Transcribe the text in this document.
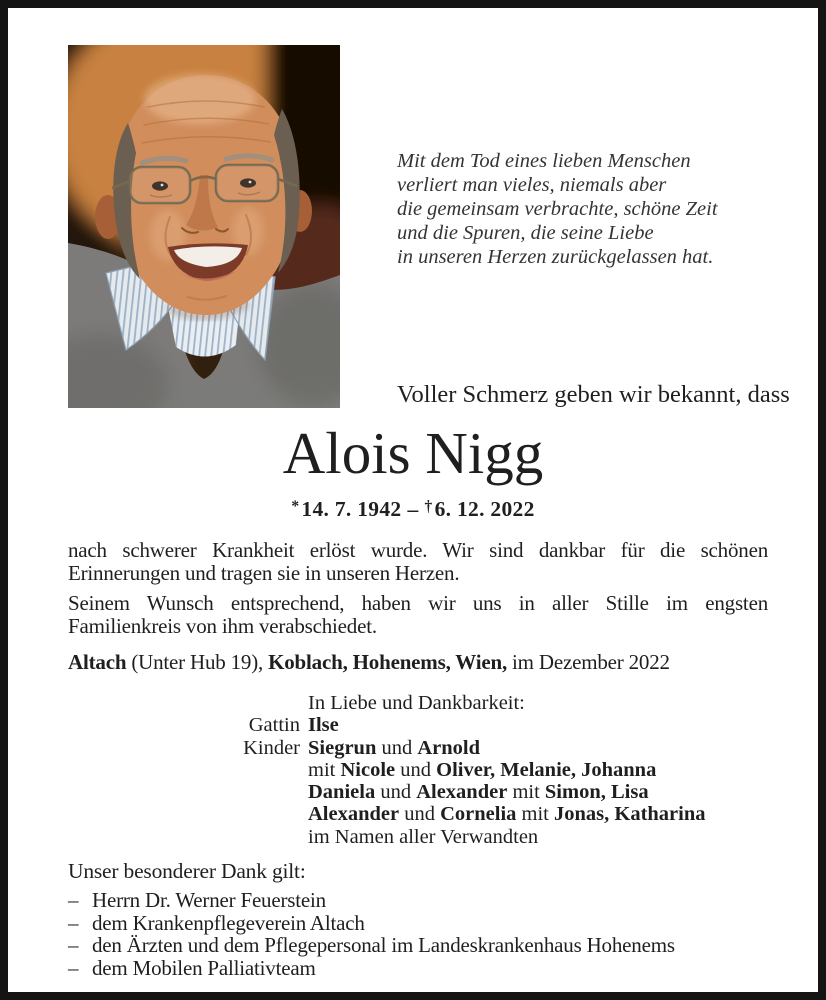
Mit dem Tod eines lieben Menschen
verliert man vieles, niemals aber
die gemeinsam verbrachte, schöne Zeit
und die Spuren, die seine Liebe
in unseren Herzen zurückgelassen hat.
Voller Schmerz geben wir bekannt, dass
Alois Nigg
*14. 7. 1942 – †6. 12. 2022

nach schwerer Krankheit erlöst wurde. Wir sind dankbar für die schönen
Erinnerungen und tragen sie in unseren Herzen.

Seinem Wunsch entsprechend, haben wir uns in aller Stille im engsten
Familienkreis von ihm verabschiedet.

Altach (Unter Hub 19), Koblach, Hohenems, Wien, im Dezember 2022
In Liebe und Dankbarkeit:
Gattin Ilse
Kinder Siegrun und Arnold
mit Nicole und Oliver, Melanie, Johanna
Daniela und Alexander mit Simon, Lisa
Alexander und Cornelia mit Jonas, Katharina
im Namen aller Verwandten
Unser besonderer Dank gilt:
– Herrn Dr. Werner Feuerstein
– dem Krankenpflegeverein Altach
– den Ärzten und dem Pflegepersonal im Landeskrankenhaus Hohenems
– dem Mobilen Palliativteam
